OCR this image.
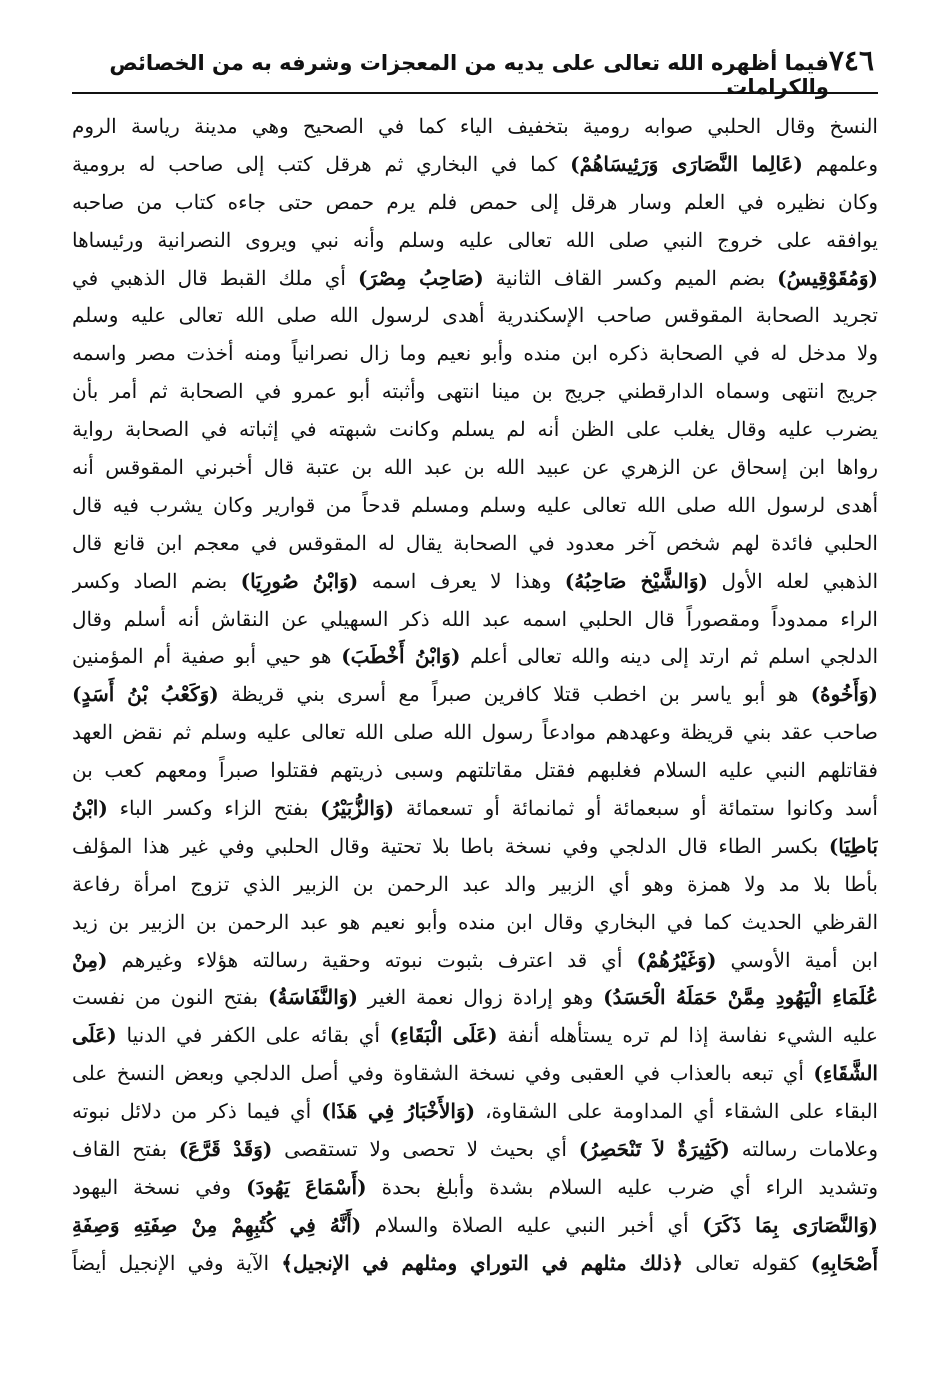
٧٤٦
فيما أظهره الله تعالى على يديه من المعجزات وشرفه به من الخصائص والكرامات
النسخ وقال الحلبي صوابه رومية بتخفيف الياء كما في الصحيح وهي مدينة رياسة الروم
وعلمهم (عَالِما النَّصَارَى وَرَئِيسَاهُمْ) كما في البخاري ثم هرقل كتب إلى صاحب له برومية
وكان نظيره في العلم وسار هرقل إلى حمص فلم يرم حمص حتى جاءه كتاب من صاحبه
يوافقه على خروج النبي صلى الله تعالى عليه وسلم وأنه نبي ويروى النصرانية ورئيساها
(وَمُقَوْقِيسُ) بضم الميم وكسر القاف الثانية (صَاحِبُ مِصْرَ) أي ملك القبط قال الذهبي في
تجريد الصحابة المقوقس صاحب الإسكندرية أهدى لرسول الله صلى الله تعالى عليه وسلم
ولا مدخل له في الصحابة ذكره ابن منده وأبو نعيم وما زال نصرانياً ومنه أخذت مصر واسمه
جريج انتهى وسماه الدارقطني جريج بن مينا انتهى وأثبته أبو عمرو في الصحابة ثم أمر بأن
يضرب عليه وقال يغلب على الظن أنه لم يسلم وكانت شبهته في إثباته في الصحابة رواية
رواها ابن إسحاق عن الزهري عن عبيد الله بن عبد الله بن عتبة قال أخبرني المقوقس أنه
أهدى لرسول الله صلى الله تعالى عليه وسلم ومسلم قدحاً من قوارير وكان يشرب فيه قال
الحلبي فائدة لهم شخص آخر معدود في الصحابة يقال له المقوقس في معجم ابن قانع قال
الذهبي لعله الأول (وَالشَّيْخ صَاحِبُهُ) وهذا لا يعرف اسمه (وَابْنُ صُورِيَا) بضم الصاد وكسر
الراء ممدوداً ومقصوراً قال الحلبي اسمه عبد الله ذكر السهيلي عن النقاش أنه أسلم وقال
الدلجي اسلم ثم ارتد إلى دينه والله تعالى أعلم (وَابْنُ أَخْطَبَ) هو حيي أبو صفية أم المؤمنين
(وَأَخُوهُ) هو أبو ياسر بن اخطب قتلا كافرين صبراً مع أسرى بني قريظة (وَكَعْبُ بْنُ أَسَدٍ)
صاحب عقد بني قريظة وعهدهم موادعاً رسول الله صلى الله تعالى عليه وسلم ثم نقض العهد
فقاتلهم النبي عليه السلام فغلبهم فقتل مقاتلتهم وسبى ذريتهم فقتلوا صبراً ومعهم كعب بن
أسد وكانوا ستمائة أو سبعمائة أو ثمانمائة أو تسعمائة (وَالزُّبَيْرُ) بفتح الزاء وكسر الباء (ابْنُ
بَاطِيَا) بكسر الطاء قال الدلجي وفي نسخة باطا بلا تحتية وقال الحلبي وفي غير هذا المؤلف
بأطا بلا مد ولا همزة وهو أي الزبير والد عبد الرحمن بن الزبير الذي تزوج امرأة رفاعة
القرظي الحديث كما في البخاري وقال ابن منده وأبو نعيم هو عبد الرحمن بن الزبير بن زيد
ابن أمية الأوسي (وَغَيْرُهُمْ) أي قد اعترف بثبوت نبوته وحقية رسالته هؤلاء وغيرهم (مِنْ
عُلَمَاءِ الْيَهُودِ مِمَّنْ حَمَلَهُ الْحَسَدُ) وهو إرادة زوال نعمة الغير (وَالنَّفَاسَةُ) بفتح النون من نفست
عليه الشيء نفاسة إذا لم تره يستأهله أنفة (عَلَى الْبَقَاءِ) أي بقائه على الكفر في الدنيا (عَلَى
الشَّقَاءِ) أي تبعه بالعذاب في العقبى وفي نسخة الشقاوة وفي أصل الدلجي وبعض النسخ على
البقاء على الشقاء أي المداومة على الشقاوة، (وَالأَخْبَارُ فِي هَذَا) أي فيما ذكر من دلائل نبوته
وعلامات رسالته (كَثِيرَةٌ لاَ تَنْحَصِرُ) أي بحيث لا تحصى ولا تستقصى (وَقَدْ قَرَّعَ) بفتح القاف
وتشديد الراء أي ضرب عليه السلام بشدة وأبلغ بحدة (أَسْمَاعَ يَهُودَ) وفي نسخة اليهود
(وَالنَّصَارَى بِمَا ذَكَرَ) أي أخبر النبي عليه الصلاة والسلام (أَنَّهُ فِي كُتُبِهِمْ مِنْ صِفَتِهِ وَصِفَةِ
أَصْحَابِهِ) كقوله تعالى ﴿ذلك مثلهم في التوراي ومثلهم في الإنجيل﴾ الآية وفي الإنجيل أيضاً
